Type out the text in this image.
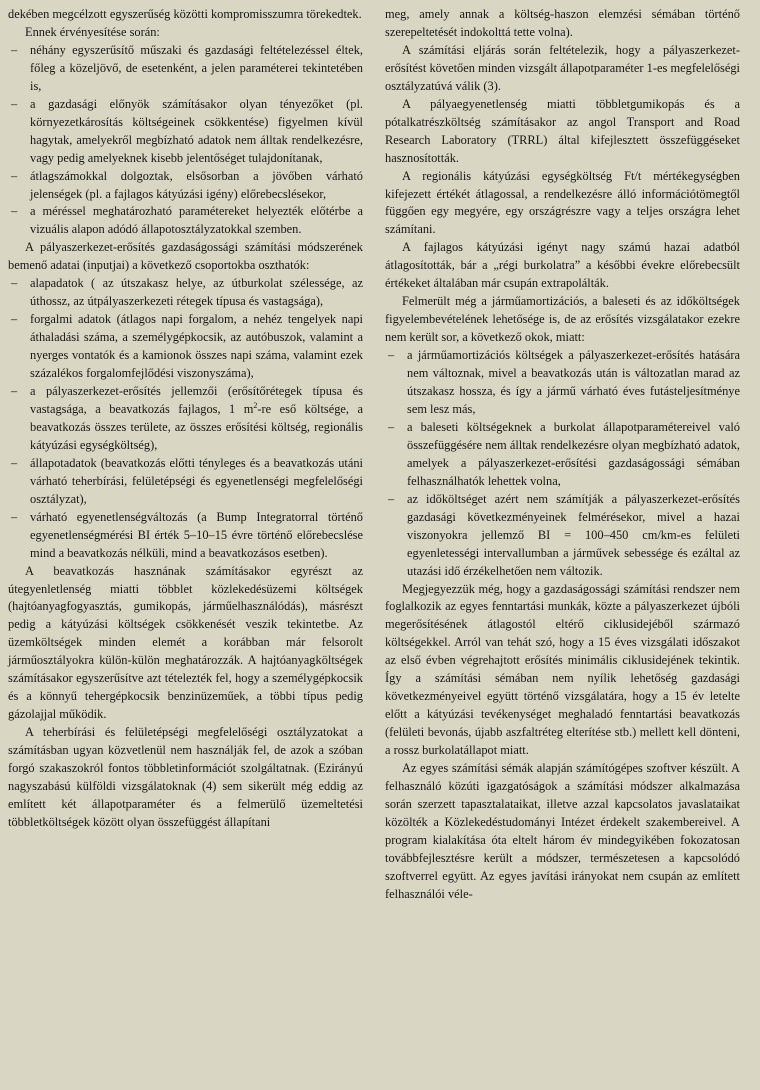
dekében megcélzott egyszerűség közötti kompromisszumra törekedtek.

Ennek érvényesítése során:

– néhány egyszerűsítő műszaki és gazdasági feltételezéssel éltek, főleg a közeljövő, de esetenként, a jelen paraméterei tekintetében is,
– a gazdasági előnyök számításakor olyan tényezőket (pl. környezetkárosítás költségeinek csökkentése) figyelmen kívül hagytak, amelyekről megbízható adatok nem álltak rendelkezésre, vagy pedig amelyeknek kisebb jelentőséget tulajdonítanak,
– átlagszámokkal dolgoztak, elsősorban a jövőben várható jelenségek (pl. a fajlagos kátyúzási igény) előrebecslésekor,
– a méréssel meghatározható paramétereket helyezték előtérbe a vizuális alapon adódó állapotosztályzatokkal szemben.

A pályaszerkezet-erősítés gazdaságossági számítási módszerének bemenő adatai (inputjai) a következő csoportokba oszthatók:

– alapadatok ( az útszakasz helye, az útburkolat szélessége, az úthossz, az útpályaszerkezeti rétegek típusa és vastagsága),
– forgalmi adatok (átlagos napi forgalom, a nehéz tengelyek napi áthaladási száma, a személygépkocsik, az autóbuszok, valamint a nyerges vontatók és a kamionok összes napi száma, valamint ezek százalékos forgalomfejlődési viszonyszáma),
– a pályaszerkezet-erősítés jellemzői (erősítőrétegek típusa és vastagsága, a beavatkozás fajlagos, 1 $m^2-re$ eső költsége, a beavatkozás összes területe, az összes erősítési költség, regionális kátyúzási egységköltség),
– állapotadatok (beavatkozás előtti tényleges és a beavatkozás utáni várható teherbírási, felületépségi és egyenetlenségi megfelelőségi osztályzat),
– várható egyenetlenségváltozás (a Bump Integratorral történő egyenetlenségmérési BI érték 5–10–15 évre történő előrebecslése mind a beavatkozás nélküli, mind a beavatkozásos esetben).

A beavatkozás hasznának számításakor egyrészt az útegyenletlenség miatti többlet közlekedésüzemi költségek (hajtóanyagfogyasztás, gumikopás, járműelhasználódás), másrészt pedig a kátyúzási költségek csökkenését veszik tekintetbe. Az üzemköltségek minden elemét a korábban már felsorolt járműosztályokra külön-külön meghatározzák. A hajtóanyagköltségek számításakor egyszerűsítve azt tételezték fel, hogy a személygépkocsik és a könnyű tehergépkocsik benzinüzeműek, a többi típus pedig gázolajjal működik.

A teherbírási és felületépségi megfelelőségi osztályzatokat a számításban ugyan közvetlenül nem használják fel, de azok a szóban forgó szakaszokról fontos többletinformációt szolgáltatnak. (Ezirányú nagyszabású külföldi vizsgálatoknak (4) sem sikerült még eddig az említett két állapotparaméter és a felmerülő üzemeltetési többletköltségek között olyan összefüggést állapítani

meg, amely annak a költség-haszon elemzési sémában történő szerepeltetését indokolttá tette volna).

A számítási eljárás során feltételezik, hogy a pályaszerkezet-erősítést követően minden vizsgált állapotparaméter 1-es megfelelőségi osztályzatúvá válik (3).

A pályaegyenetlenség miatti többletgumikopás és a pótalkatrészköltség számításakor az angol Transport and Road Research Laboratory (TRRL) által kifejlesztett összefüggéseket hasznosították.

A regionális kátyúzási egységköltség Ft/t mértékegységben kifejezett értékét átlagossal, a rendelkezésre álló információtömegtől függően egy megyére, egy országrészre vagy a teljes országra lehet számítani.

A fajlagos kátyúzási igényt nagy számú hazai adatból átlagosították, bár a „régi burkolatra” a későbbi évekre előrebecsült értékeket általában már csupán extrapolálták.

Felmerült még a járműamortizációs, a baleseti és az időköltségek figyelembevételének lehetősége is, de az erősítés vizsgálatakor ezekre nem került sor, a következő okok, miatt:

– a járműamortizációs költségek a pályaszerkezet-erősítés hatására nem változnak, mivel a beavatkozás után is változatlan marad az útszakasz hossza, és így a jármű várható éves futásteljesítménye sem lesz más,
– a baleseti költségeknek a burkolat állapotparamétereivel való összefüggésére nem álltak rendelkezésre olyan megbízható adatok, amelyek a pályaszerkezet-erősítési gazdaságossági sémában felhasználhatók lehettek volna,
– az időköltséget azért nem számítják a pályaszerkezet-erősítés gazdasági következményeinek felmérésekor, mivel a hazai viszonyokra jellemző BI = 100–450 cm/km-es felületi egyenletességi intervallumban a járművek sebessége és ezáltal az utazási idő érzékelhetően nem változik.

Megjegyezzük még, hogy a gazdaságossági számítási rendszer nem foglalkozik az egyes fenntartási munkák, közte a pályaszerkezet újbóli megerősítésének átlagostól eltérő ciklusidejéből származó költségekkel. Arról van tehát szó, hogy a 15 éves vizsgálati időszakot az első évben végrehajtott erősítés minimális ciklusidejének tekintik. Így a számítási sémában nem nyílik lehetőség gazdasági következményeivel együtt történő vizsgálatára, hogy a 15 év letelte előtt a kátyúzási tevékenységet meghaladó fenntartási beavatkozás (felületi bevonás, újabb aszfaltréteg elterítése stb.) mellett kell dönteni, a rossz burkolatállapot miatt.

Az egyes számítási sémák alapján számítógépes szoftver készült. A felhasználó közúti igazgatóságok a számítási módszer alkalmazása során szerzett tapasztalataikat, illetve azzal kapcsolatos javaslataikat közölték a Közlekedéstudományi Intézet érdekelt szakembereivel. A program kialakítása óta eltelt három év mindegyikében fokozatosan továbbfejlesztésre került a módszer, természetesen a kapcsolódó szoftverrel együtt. Az egyes javítási irányokat nem csupán az említett felhasználói véle-
